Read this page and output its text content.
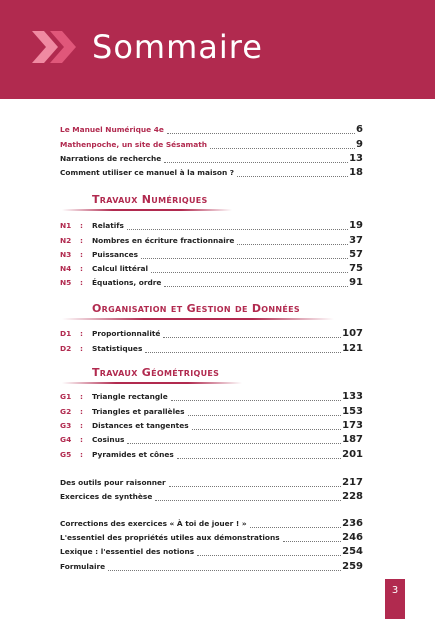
Sommaire
Le Manuel Numérique 4e	6
Mathenpoche, un site de Sésamath	9
Narrations de recherche	13
Comment utiliser ce manuel à la maison ?	18
Travaux Numériques
N1	:	Relatifs	19
N2	:	Nombres en écriture fractionnaire	37
N3	:	Puissances	57
N4	:	Calcul littéral	75
N5	:	Équations, ordre	91
Organisation et Gestion de Données
D1	:	Proportionnalité	107
D2	:	Statistiques	121
Travaux Géométriques
G1	:	Triangle rectangle	133
G2	:	Triangles et parallèles	153
G3	:	Distances et tangentes	173
G4	:	Cosinus	187
G5	:	Pyramides et cônes	201
Des outils pour raisonner	217
Exercices de synthèse	228
Corrections des exercices « À toi de jouer ! »	236
L'essentiel des propriétés utiles aux démonstrations	246
Lexique : l'essentiel des notions	254
Formulaire	259
3
